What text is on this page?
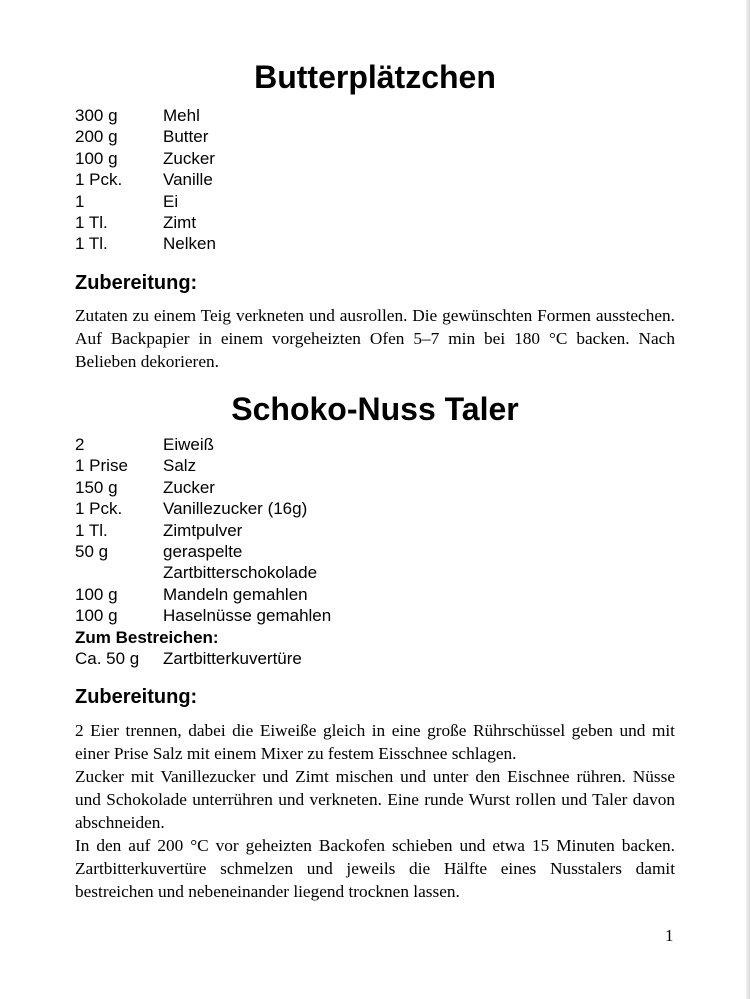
Butterplätzchen
300 g	Mehl
200 g	Butter
100 g	Zucker
1 Pck. Vanille
1	Ei
1 Tl.	Zimt
1 Tl.	Nelken
Zubereitung:

Zutaten zu einem Teig verkneten und ausrollen. Die gewünschten Formen ausstechen. Auf Backpapier in einem vorgeheizten Ofen 5–7 min bei 180 °C backen. Nach Belieben dekorieren.

Schoko-Nuss Taler
2	Eiweiß
1 Prise Salz
150 g	Zucker
1 Pck. Vanillezucker (16g)
1 Tl.	Zimtpulver
50 g	geraspelte Zartbitterschokolade
100 g	Mandeln gemahlen
100 g	Haselnüsse gemahlen
Zum Bestreichen:
Ca. 50 g Zartbitterkuvertüre
Zubereitung:

2 Eier trennen, dabei die Eiweiße gleich in eine große Rührschüssel geben und mit einer Prise Salz mit einem Mixer zu festem Eisschnee schlagen.

Zucker mit Vanillezucker und Zimt mischen und unter den Eischnee rühren. Nüsse und Schokolade unterrühren und verkneten. Eine runde Wurst rollen und Taler davon abschneiden.

In den auf 200 °C vor geheizten Backofen schieben und etwa 15 Minuten backen. Zartbitterkuvertüre schmelzen und jeweils die Hälfte eines Nusstalers damit bestreichen und nebeneinander liegend trocknen lassen.

1
